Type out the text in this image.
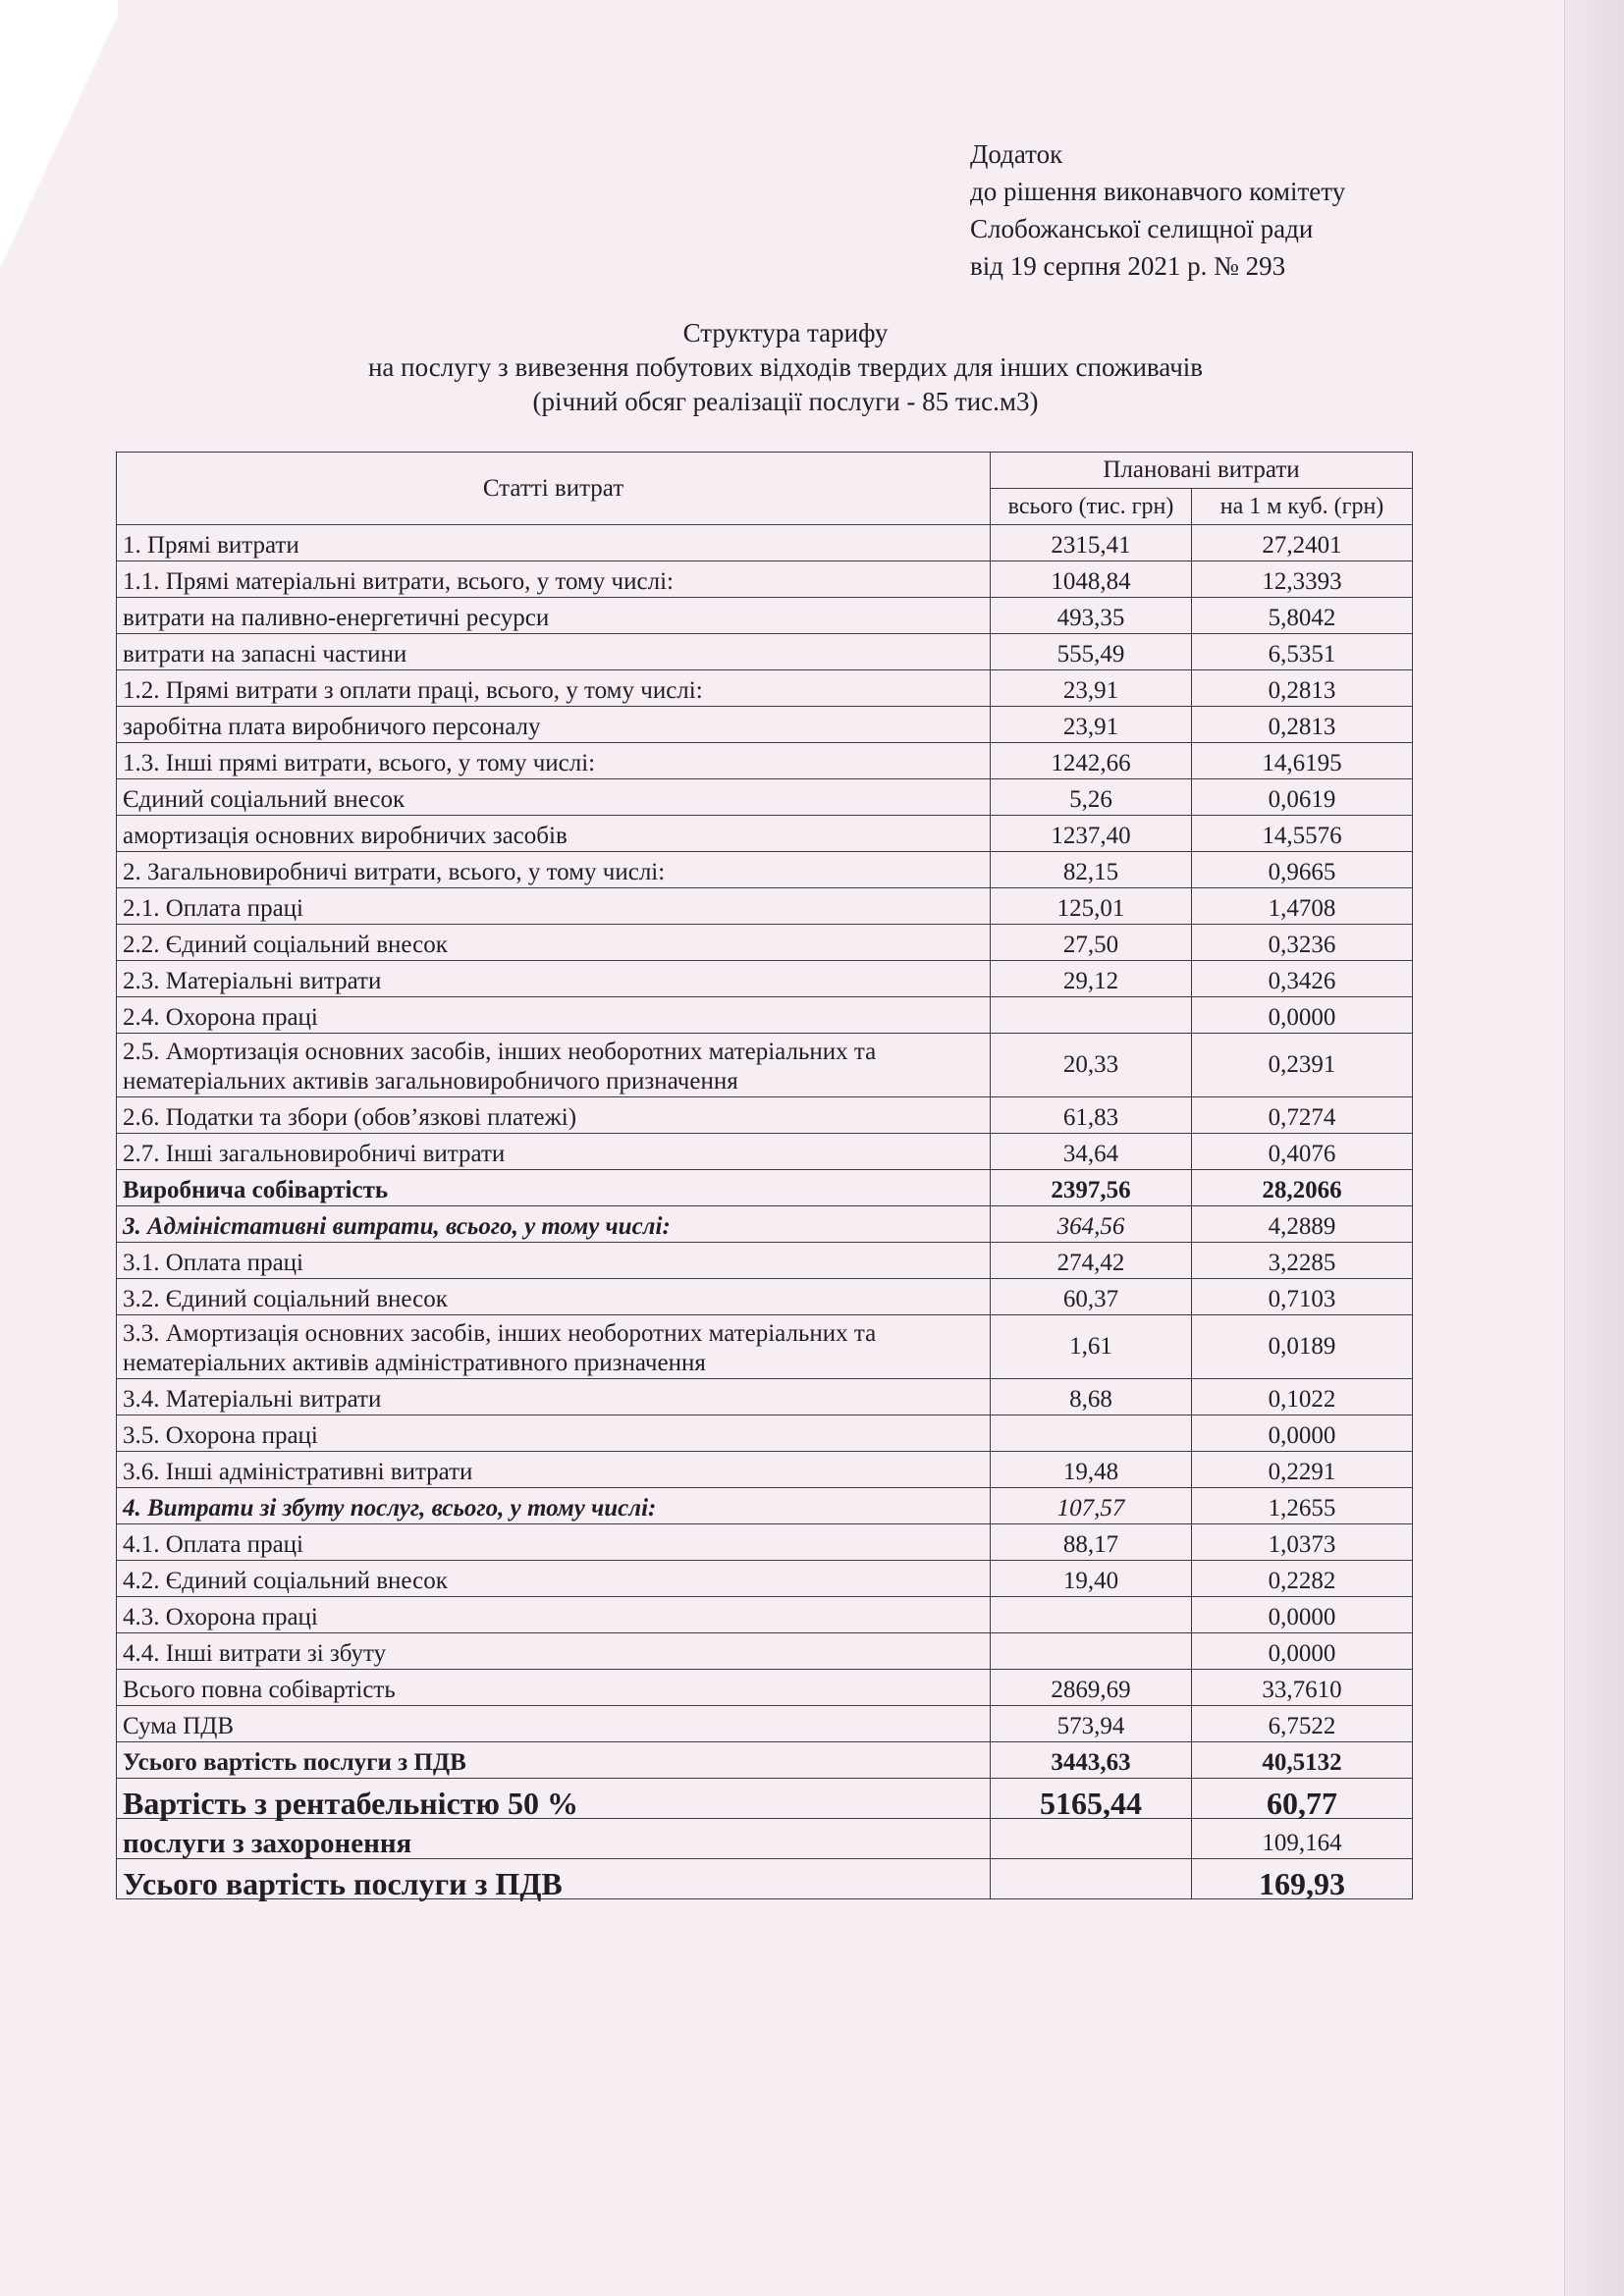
Додаток
до рішення виконавчого комітету
Слобожанської селищної ради
від 19 серпня 2021 р. № 293
Структура тарифу
на послугу з вивезення побутових відходів твердих для інших споживачів
(річний обсяг реалізації послуги - 85 тис.м3)
Статті витрат	Плановані витрати	
	всього (тис. грн)	на 1 м куб. (грн)
1. Прямі витрати	2315,41	27,2401
1.1. Прямі матеріальні витрати, всього, у тому числі:	1048,84	12,3393
витрати на паливно-енергетичні ресурси	493,35	5,8042
витрати на запасні частини	555,49	6,5351
1.2. Прямі витрати з оплати праці, всього, у тому числі:	23,91	0,2813
заробітна плата виробничого персоналу	23,91	0,2813
1.3. Інші прямі витрати, всього, у тому числі:	1242,66	14,6195
Єдиний соціальний внесок	5,26	0,0619
амортизація основних виробничих засобів	1237,40	14,5576
2. Загальновиробничі витрати, всього, у тому числі:	82,15	0,9665
2.1. Оплата праці	125,01	1,4708
2.2. Єдиний соціальний внесок	27,50	0,3236
2.3. Матеріальні витрати	29,12	0,3426
2.4. Охорона праці		0,0000

2.5. Амортизація основних засобів, інших необоротних матеріальних та
нематеріальних активів загальновиробничого призначення	20,33	0,2391
2.6. Податки та збори (обов’язкові платежі)	61,83	0,7274
2.7. Інші загальновиробничі витрати	34,64	0,4076
Виробнича собівартість	2397,56	28,2066
3. Адміністативні витрати, всього, у тому числі:	364,56	4,2889
3.1. Оплата праці	274,42	3,2285
3.2. Єдиний соціальний внесок	60,37	0,7103

3.3. Амортизація основних засобів, інших необоротних матеріальних та
нематеріальних активів адміністративного призначення	1,61	0,0189
3.4. Матеріальні витрати	8,68	0,1022
3.5. Охорона праці		0,0000
3.6. Інші адміністративні витрати	19,48	0,2291
4. Витрати зі збуту послуг, всього, у тому числі:	107,57	1,2655
4.1. Оплата праці	88,17	1,0373
4.2. Єдиний соціальний внесок	19,40	0,2282
4.3. Охорона праці		0,0000
4.4. Інші витрати зі збуту		0,0000
Всього повна собівартість	2869,69	33,7610
Сума ПДВ	573,94	6,7522
Усього вартість послуги з ПДВ	3443,63	40,5132
Вартість з рентабельністю 50 %	5165,44	60,77
послуги з захоронення		109,164
Усього вартість послуги з ПДВ		169,93
